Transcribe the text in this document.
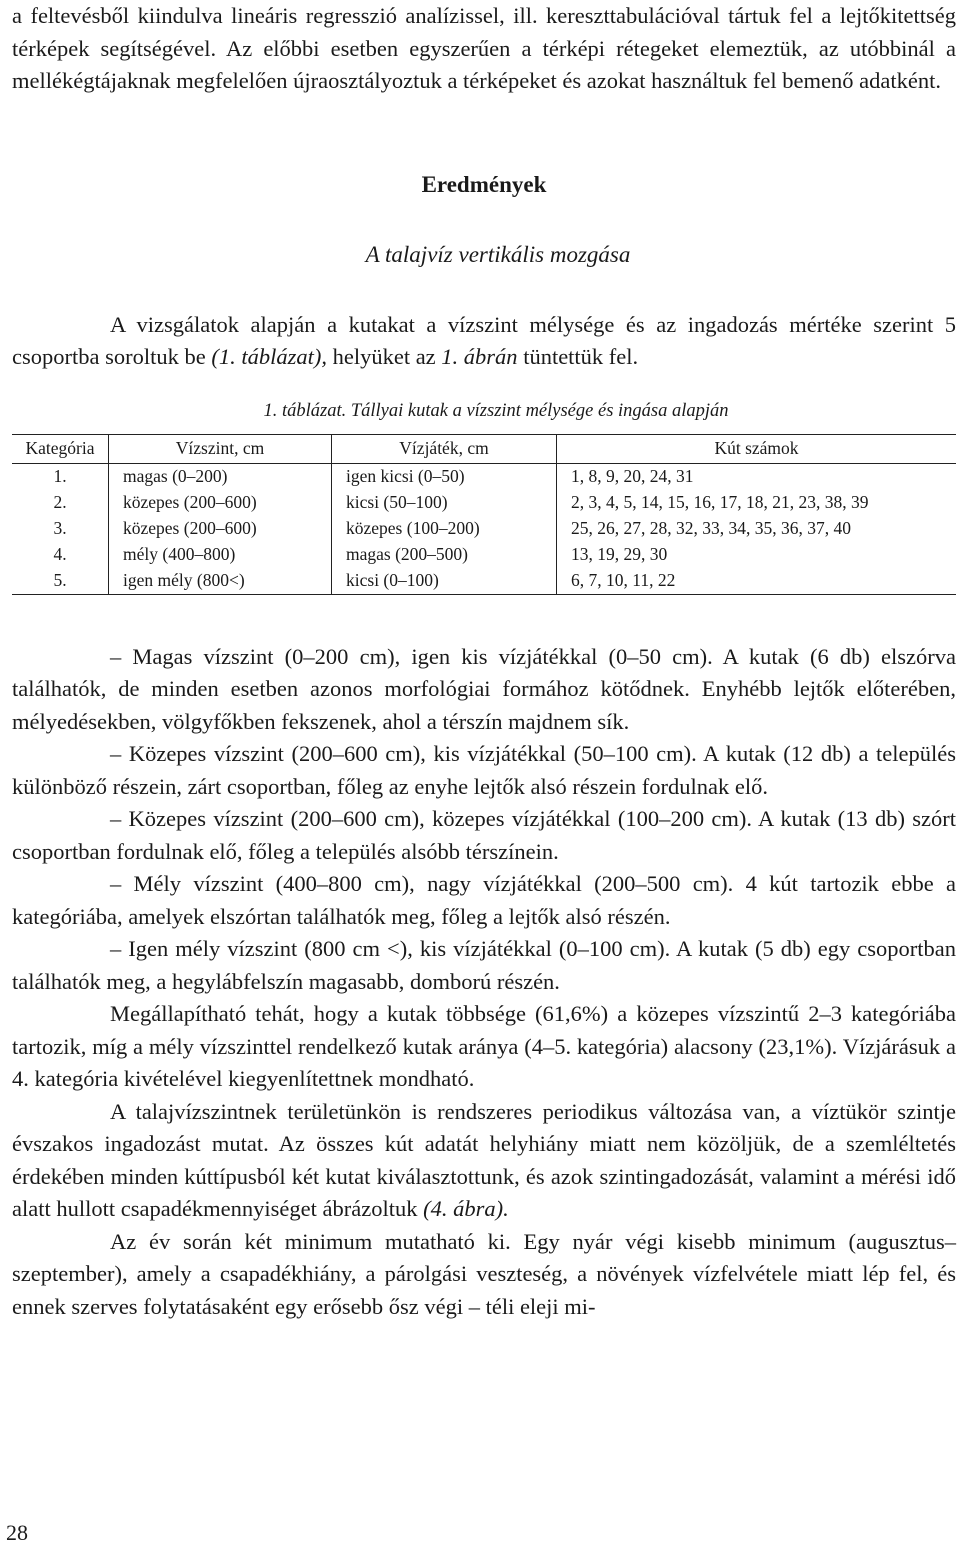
a feltevésből kiindulva lineáris regresszió analízissel, ill. kereszttabulációval tártuk fel a lejtőkitettség térképek segítségével. Az előbbi esetben egyszerűen a térképi rétegeket elemeztük, az utóbbinál a mellékégtájaknak megfelelően újraosztályoztuk a térképeket és azokat használtuk fel bemenő adatként.

Eredmények

A talajvíz vertikális mozgása

A vizsgálatok alapján a kutakat a vízszint mélysége és az ingadozás mértéke szerint 5 csoportba soroltuk be (1. táblázat), helyüket az 1. ábrán tüntettük fel.

1. táblázat. Tállyai kutak a vízszint mélysége és ingása alapján

Kategória	Vízszint, cm	Vízjáték, cm	Kút számok
1.	magas (0–200)	igen kicsi (0–50)	1, 8, 9, 20, 24, 31
2.	közepes (200–600)	kicsi (50–100)	2, 3, 4, 5, 14, 15, 16, 17, 18, 21, 23, 38, 39
3.	közepes (200–600)	közepes (100–200)	25, 26, 27, 28, 32, 33, 34, 35, 36, 37, 40
4.	mély (400–800)	magas (200–500)	13, 19, 29, 30
5.	igen mély (800<)	kicsi (0–100)	6, 7, 10, 11, 22

– Magas vízszint (0–200 cm), igen kis vízjátékkal (0–50 cm). A kutak (6 db) elszórva találhatók, de minden esetben azonos morfológiai formához kötődnek. Enyhébb lejtők előterében, mélyedésekben, völgyfőkben fekszenek, ahol a térszín majdnem sík.

– Közepes vízszint (200–600 cm), kis vízjátékkal (50–100 cm). A kutak (12 db) a település különböző részein, zárt csoportban, főleg az enyhe lejtők alsó részein fordulnak elő.

– Közepes vízszint (200–600 cm), közepes vízjátékkal (100–200 cm). A kutak (13 db) szórt csoportban fordulnak elő, főleg a település alsóbb térszínein.

– Mély vízszint (400–800 cm), nagy vízjátékkal (200–500 cm). 4 kút tartozik ebbe a kategóriába, amelyek elszórtan találhatók meg, főleg a lejtők alsó részén.

– Igen mély vízszint (800 cm <), kis vízjátékkal (0–100 cm). A kutak (5 db) egy csoportban találhatók meg, a hegylábfelszín magasabb, domború részén.

Megállapítható tehát, hogy a kutak többsége (61,6%) a közepes vízszintű 2–3 kategóriába tartozik, míg a mély vízszinttel rendelkező kutak aránya (4–5. kategória) alacsony (23,1%). Vízjárásuk a 4. kategória kivételével kiegyenlítettnek mondható.

A talajvízszintnek területünkön is rendszeres periodikus változása van, a víztükör szintje évszakos ingadozást mutat. Az összes kút adatát helyhiány miatt nem közöljük, de a szemléltetés érdekében minden kúttípusból két kutat kiválasztottunk, és azok szintingadozását, valamint a mérési idő alatt hullott csapadékmennyiséget ábrázoltuk (4. ábra).

Az év során két minimum mutatható ki. Egy nyár végi kisebb minimum (augusztus–szeptember), amely a csapadékhiány, a párolgási veszteség, a növények vízfelvétele miatt lép fel, és ennek szerves folytatásaként egy erősebb ősz végi – téli eleji mi-

28
